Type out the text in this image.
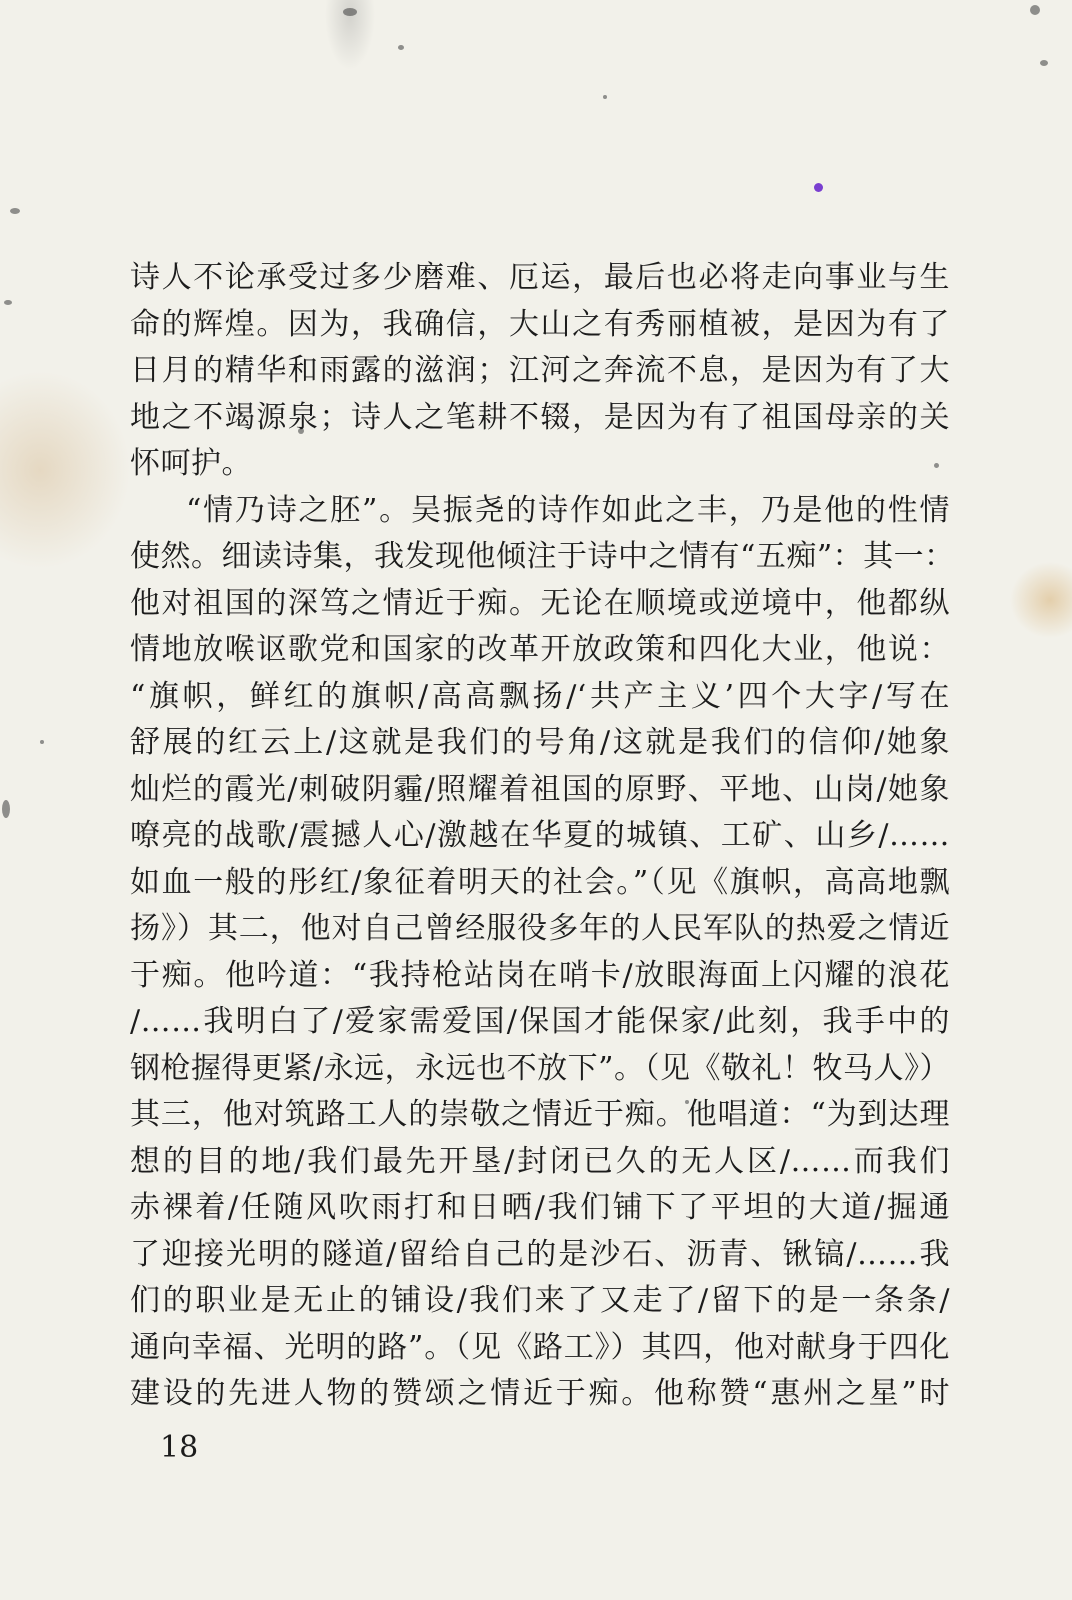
诗人不论承受过多少磨难、厄运，最后也必将走向事业与生
命的辉煌。因为，我确信，大山之有秀丽植被，是因为有了
日月的精华和雨露的滋润；江河之奔流不息，是因为有了大
地之不竭源泉；诗人之笔耕不辍，是因为有了祖国母亲的关
怀呵护。
“情乃诗之胚”。吴振尧的诗作如此之丰，乃是他的性情
使然。细读诗集，我发现他倾注于诗中之情有“五痴”：其一：
他对祖国的深笃之情近于痴。无论在顺境或逆境中，他都纵
情地放喉讴歌党和国家的改革开放政策和四化大业，他说：
“旗帜，鲜红的旗帜/高高飘扬/‘共产主义’四个大字/写在
舒展的红云上/这就是我们的号角/这就是我们的信仰/她象
灿烂的霞光/刺破阴霾/照耀着祖国的原野、平地、山岗/她象
嘹亮的战歌/震撼人心/激越在华夏的城镇、工矿、山乡/……
如血一般的彤红/象征着明天的社会。”（见《旗帜，高高地飘
扬》）其二，他对自己曾经服役多年的人民军队的热爱之情近
于痴。他吟道：“我持枪站岗在哨卡/放眼海面上闪耀的浪花
/……我明白了/爱家需爱国/保国才能保家/此刻，我手中的
钢枪握得更紧/永远，永远也不放下”。（见《敬礼！牧马人》）
其三，他对筑路工人的崇敬之情近于痴。他唱道：“为到达理
想的目的地/我们最先开垦/封闭已久的无人区/……而我们
赤裸着/任随风吹雨打和日晒/我们铺下了平坦的大道/掘通
了迎接光明的隧道/留给自己的是沙石、沥青、锹镐/……我
们的职业是无止的铺设/我们来了又走了/留下的是一条条/
通向幸福、光明的路”。（见《路工》）其四，他对献身于四化
建设的先进人物的赞颂之情近于痴。他称赞“惠州之星”时
18
